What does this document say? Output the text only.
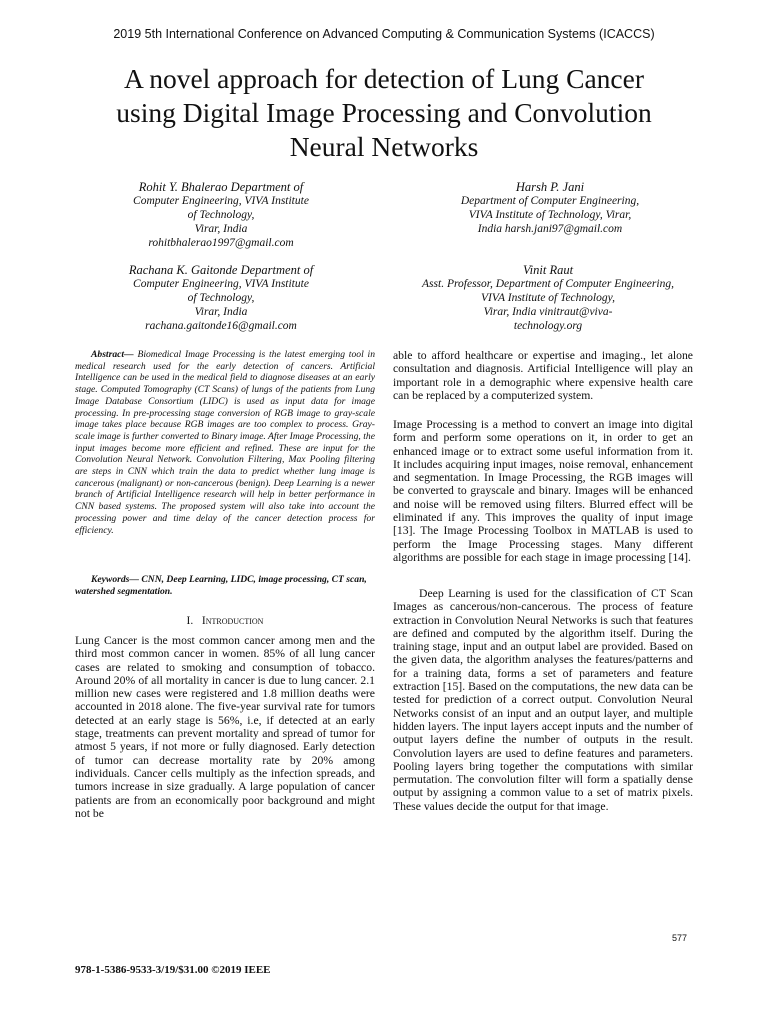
2019 5th International Conference on Advanced Computing & Communication Systems (ICACCS)
A novel approach for detection of Lung Cancer
using Digital Image Processing and Convolution
Neural Networks
Rohit Y. Bhalerao Department of
Computer Engineering, VIVA Institute
of Technology,
Virar, India
rohitbhalerao1997@gmail.com
Harsh P. Jani
Department of Computer Engineering,
VIVA Institute of Technology, Virar,
India harsh.jani97@gmail.com
Rachana K. Gaitonde Department of
Computer Engineering, VIVA Institute
of Technology,
Virar, India
rachana.gaitonde16@gmail.com
Vinit Raut
Asst. Professor, Department of Computer Engineering,
VIVA Institute of Technology,
Virar, India vinitraut@viva-
technology.org

Abstract— Biomedical Image Processing is the latest emerging tool in medical research used for the early detection of cancers. Artificial Intelligence can be used in the medical field to diagnose diseases at an early stage. Computed Tomography (CT Scans) of lungs of the patients from Lung Image Database Consortium (LIDC) is used as input data for image processing. In pre-processing stage conversion of RGB image to gray-scale image takes place because RGB images are too complex to process. Gray-scale image is further converted to Binary image. After Image Processing, the input images become more efficient and refined. These are input for the Convolution Neural Network. Convolution Filtering, Max Pooling filtering are steps in CNN which train the data to predict whether lung image is cancerous (malignant) or non-cancerous (benign). Deep Learning is a newer branch of Artificial Intelligence research will help in better performance in CNN based systems. The proposed system will also take into account the processing power and time delay of the cancer detection process for efficiency.

Keywords— CNN, Deep Learning, LIDC, image processing, CT scan, watershed segmentation.

I. Introduction

Lung Cancer is the most common cancer among men and the third most common cancer in women. 85% of all lung cancer cases are related to smoking and consumption of tobacco. Around 20% of all mortality in cancer is due to lung cancer. 2.1 million new cases were registered and 1.8 million deaths were accounted in 2018 alone. The five-year survival rate for tumors detected at an early stage is 56%, i.e, if detected at an early stage, treatments can prevent mortality and spread of tumor for atmost 5 years, if not more or fully diagnosed. Early detection of tumor can decrease mortality rate by 20% among individuals. Cancer cells multiply as the infection spreads, and tumors increase in size gradually. A large population of cancer patients are from an economically poor background and might not be

able to afford healthcare or expertise and imaging., let alone consultation and diagnosis. Artificial Intelligence will play an important role in a demographic where expensive health care can be replaced by a computerized system.

Image Processing is a method to convert an image into digital form and perform some operations on it, in order to get an enhanced image or to extract some useful information from it. It includes acquiring input images, noise removal, enhancement and segmentation. In Image Processing, the RGB images will be converted to grayscale and binary. Images will be enhanced and noise will be removed using filters. Blurred effect will be eliminated if any. This improves the quality of input image [13]. The Image Processing Toolbox in MATLAB is used to perform the Image Processing stages. Many different algorithms are possible for each stage in image processing [14].

Deep Learning is used for the classification of CT Scan Images as cancerous/non-cancerous. The process of feature extraction in Convolution Neural Networks is such that features are defined and computed by the algorithm itself. During the training stage, input and an output label are provided. Based on the given data, the algorithm analyses the features/patterns and for a training data, forms a set of parameters and feature extraction [15]. Based on the computations, the new data can be tested for prediction of a correct output. Convolution Neural Networks consist of an input and an output layer, and multiple hidden layers. The input layers accept inputs and the number of output layers define the number of outputs in the result. Convolution layers are used to define features and parameters. Pooling layers bring together the computations with similar permutation. The convolution filter will form a spatially dense output by assigning a common value to a set of matrix pixels. These values decide the output for that image.

577
978-1-5386-9533-3/19/$31.00 ©2019 IEEE
